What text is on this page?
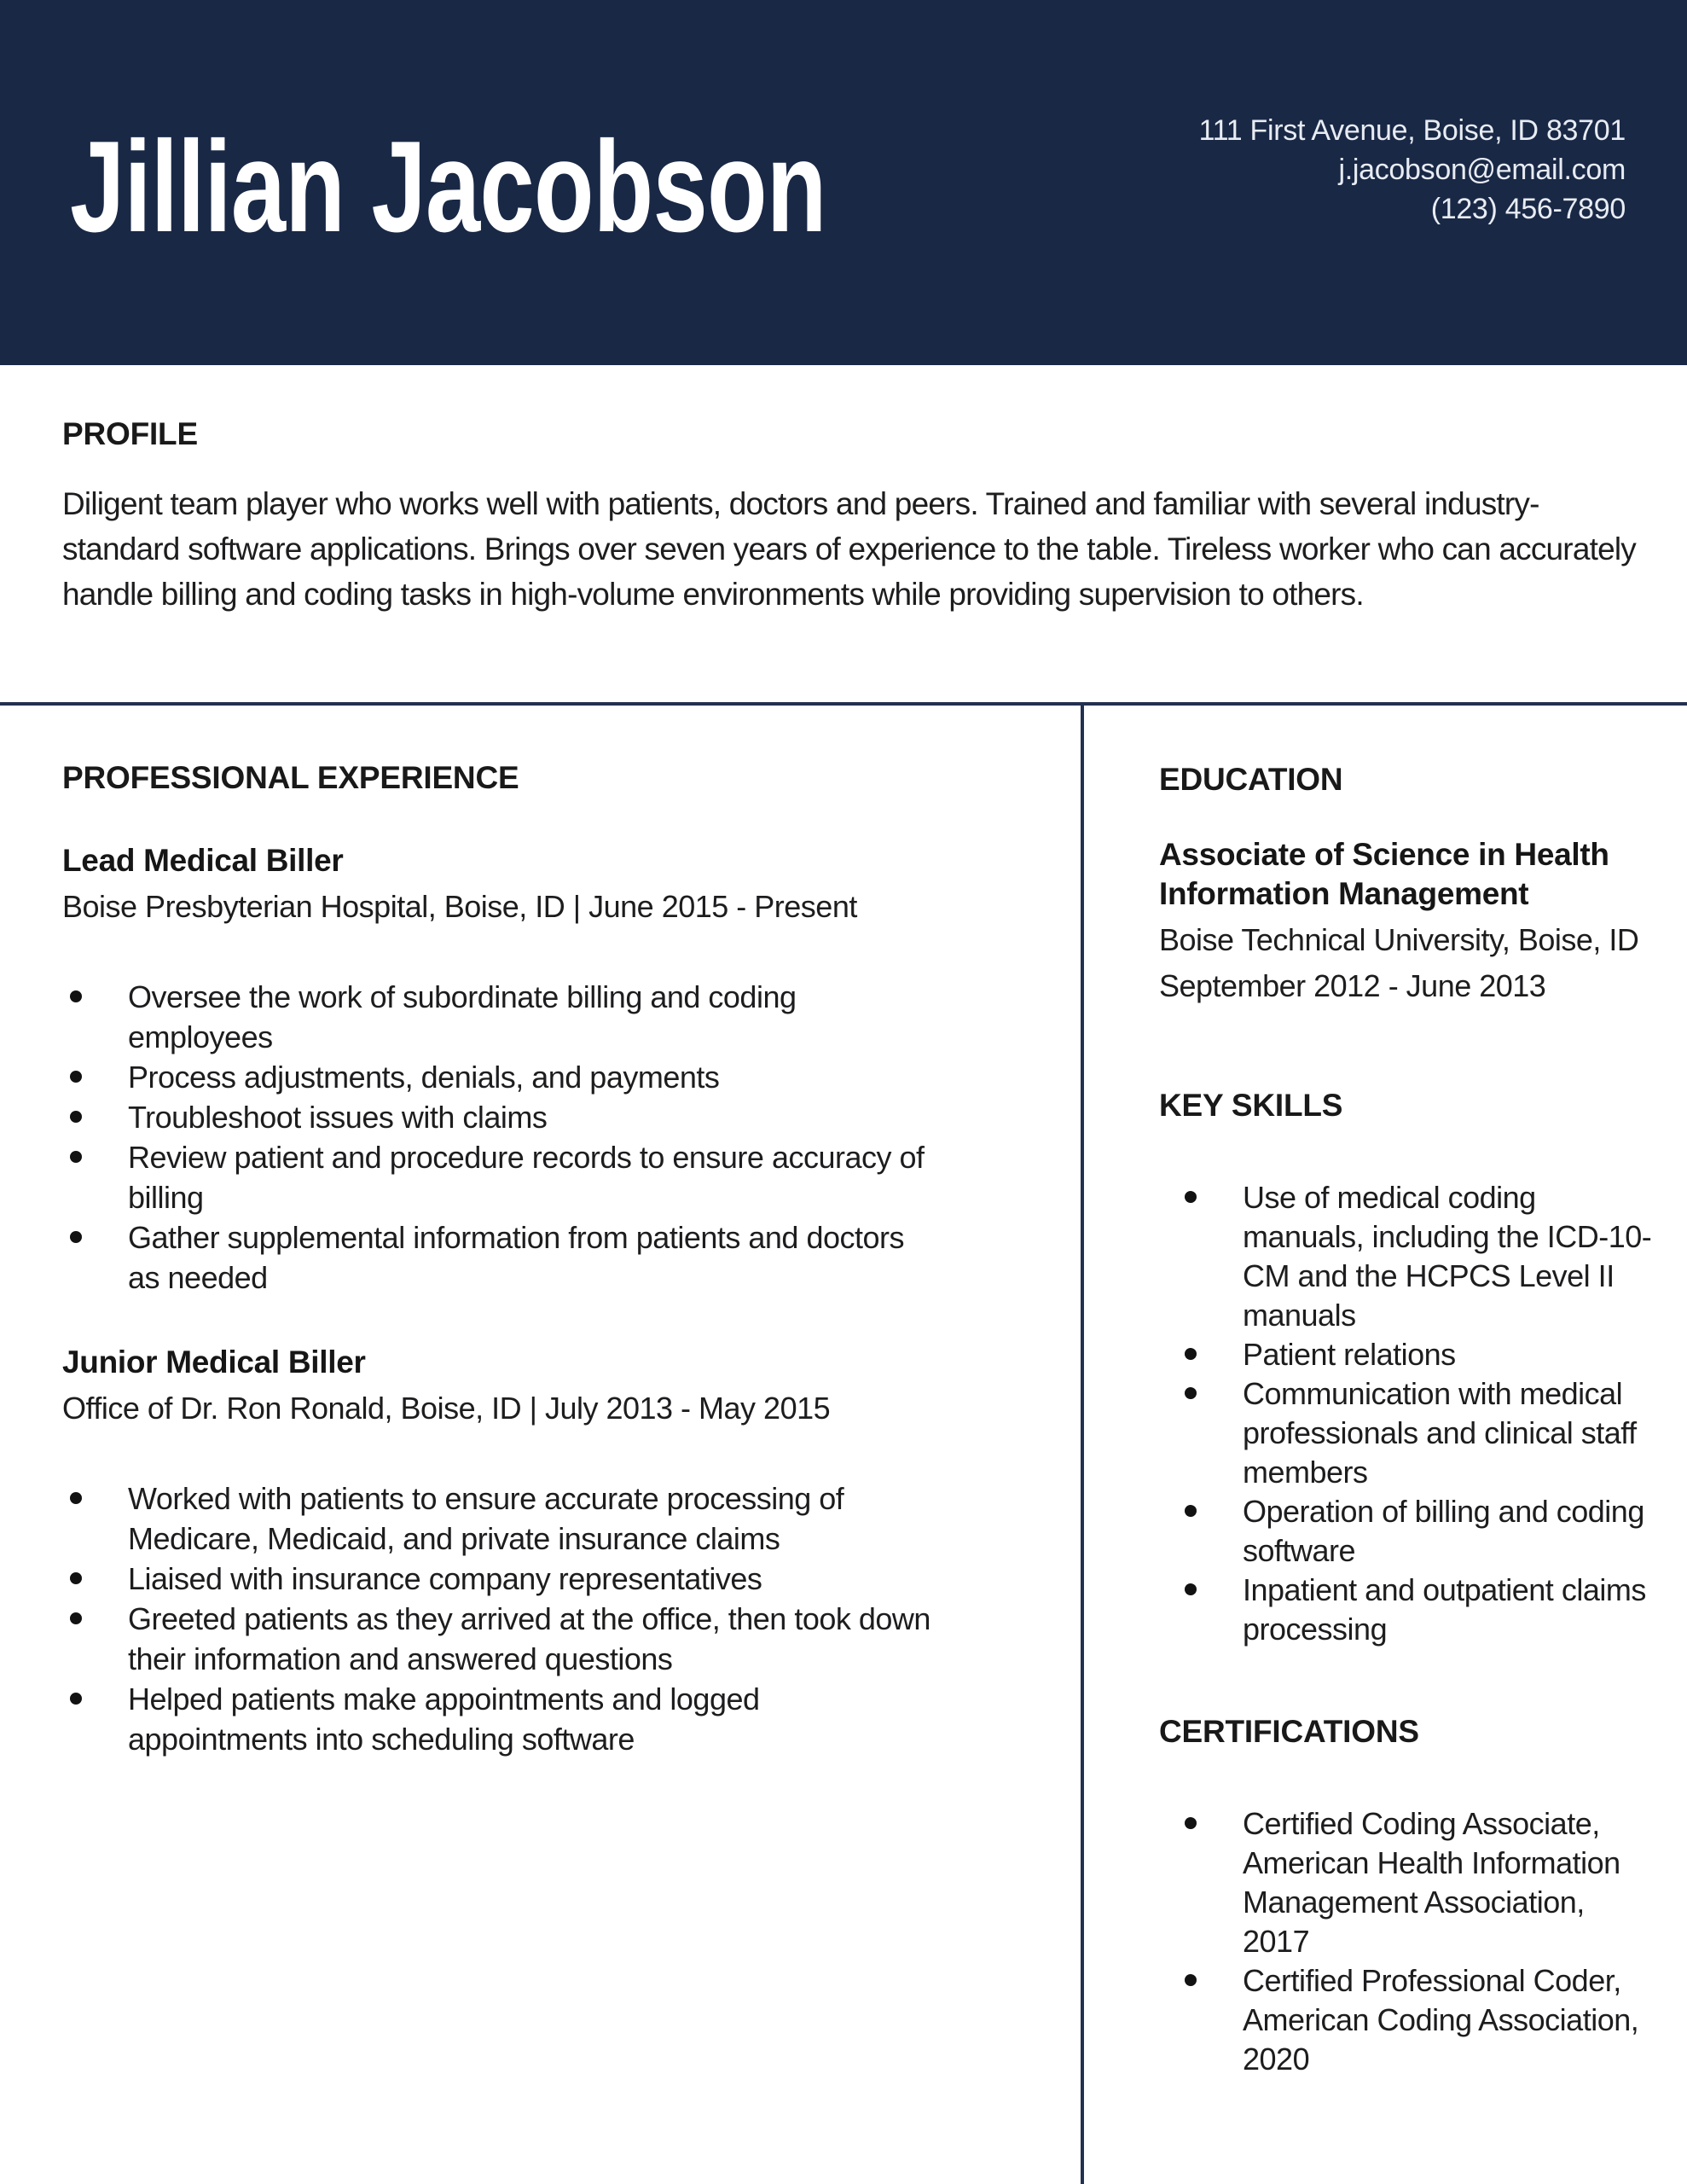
Jillian Jacobson	111 First Avenue, Boise, ID 83701
j.jacobson@email.com
(123) 456-7890
PROFILE

Diligent team player who works well with patients, doctors and peers. Trained and familiar with several industry-standard software applications. Brings over seven years of experience to the table. Tireless worker who can accurately handle billing and coding tasks in high-volume environments while providing supervision to others.

PROFESSIONAL EXPERIENCE
Lead Medical Biller
Boise Presbyterian Hospital, Boise, ID | June 2015 - Present
Oversee the work of subordinate billing and coding employees
Process adjustments, denials, and payments
Troubleshoot issues with claims
Review patient and procedure records to ensure accuracy of billing
Gather supplemental information from patients and doctors as needed
Junior Medical Biller
Office of Dr. Ron Ronald, Boise, ID | July 2013 - May 2015
Worked with patients to ensure accurate processing of Medicare, Medicaid, and private insurance claims
Liaised with insurance company representatives
Greeted patients as they arrived at the office, then took down their information and answered questions
Helped patients make appointments and logged appointments into scheduling software
EDUCATION
Associate of Science in Health Information Management
Boise Technical University, Boise, ID
September 2012 - June 2013
KEY SKILLS
Use of medical coding manuals, including the ICD-10-CM and the HCPCS Level II manuals
Patient relations
Communication with medical professionals and clinical staff members
Operation of billing and coding software
Inpatient and outpatient claims processing
CERTIFICATIONS
Certified Coding Associate, American Health Information Management Association, 2017
Certified Professional Coder, American Coding Association, 2020
